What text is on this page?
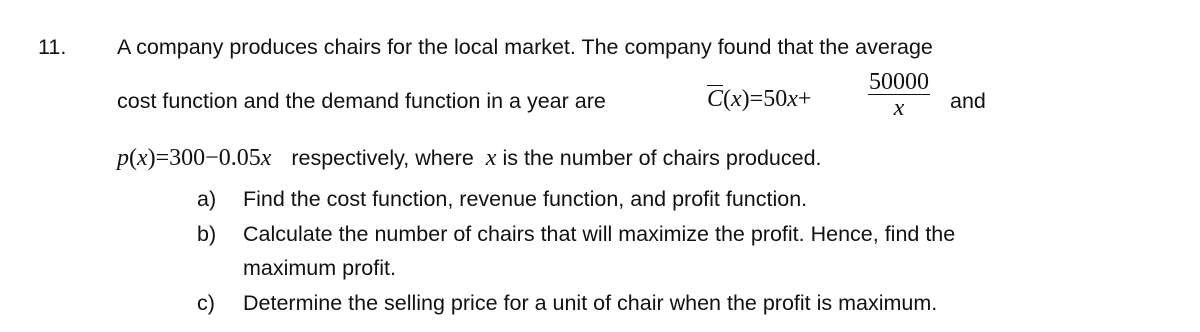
11. A company produces chairs for the local market. The company found that the average
cost function and the demand function in a year are	$\overline{C}(x)=50x+ \frac{50000}{x}$ and
p(x)=300−0.05x respectively, where x is the number of chairs produced.
a) Find the cost function, revenue function, and profit function.
b) Calculate the number of chairs that will maximize the profit. Hence, find the
maximum profit.
c) Determine the selling price for a unit of chair when the profit is maximum.
